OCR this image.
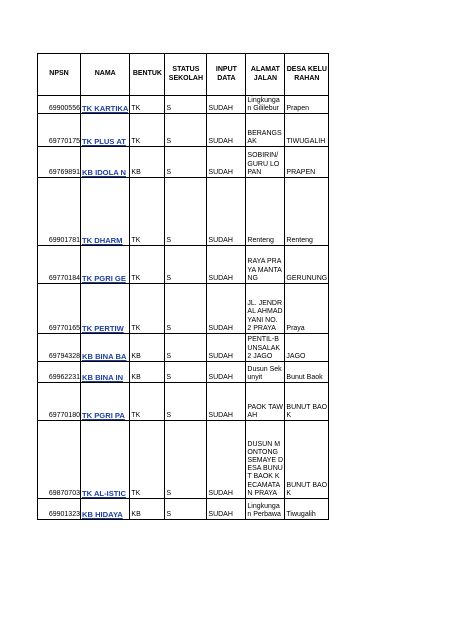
NPSN	NAMA	BENTUK	STATUS SEKOLAH	INPUT DATA	ALAMAT JALAN	DESA KELURAHAN
69900556	TK KARTIKA	TK	S	SUDAH	Lingkungan Gililebur	Prapen
69770175	TK PLUS AT	TK	S	SUDAH	BERANGSAK	TIWUGALIH
69769891	KB IDOLA N	KB	S	SUDAH	SOBIRIN/ GURU LOPAN	PRAPEN
69901781	TK DHARM	TK	S	SUDAH	Renteng	Renteng
69770184	TK PGRI GE	TK	S	SUDAH	RAYA PRAYA MANTANG	GERUNUNG
69770165	TK PERTIW	TK	S	SUDAH	JL. JENDRAL AHMAD YANI NO. 2 PRAYA	Praya
69794328	KB BINA BA	KB	S	SUDAH	PENTIL-BUNSALAK 2 JAGO	JAGO
69962231	KB BINA IN	KB	S	SUDAH	Dusun Sekunyit	Bunut Baok
69770180	TK PGRI PA	TK	S	SUDAH	PAOK TAWAH	BUNUT BAOK
69870703	TK AL-ISTIC	TK	S	SUDAH	DUSUN MONTONG SEMAYE DESA BUNUT BAOK KECAMATAN PRAYA	BUNUT BAOK
69901323	KB HIDAYA	KB	S	SUDAH	Lingkungan Perbawa	Tiwugalih
